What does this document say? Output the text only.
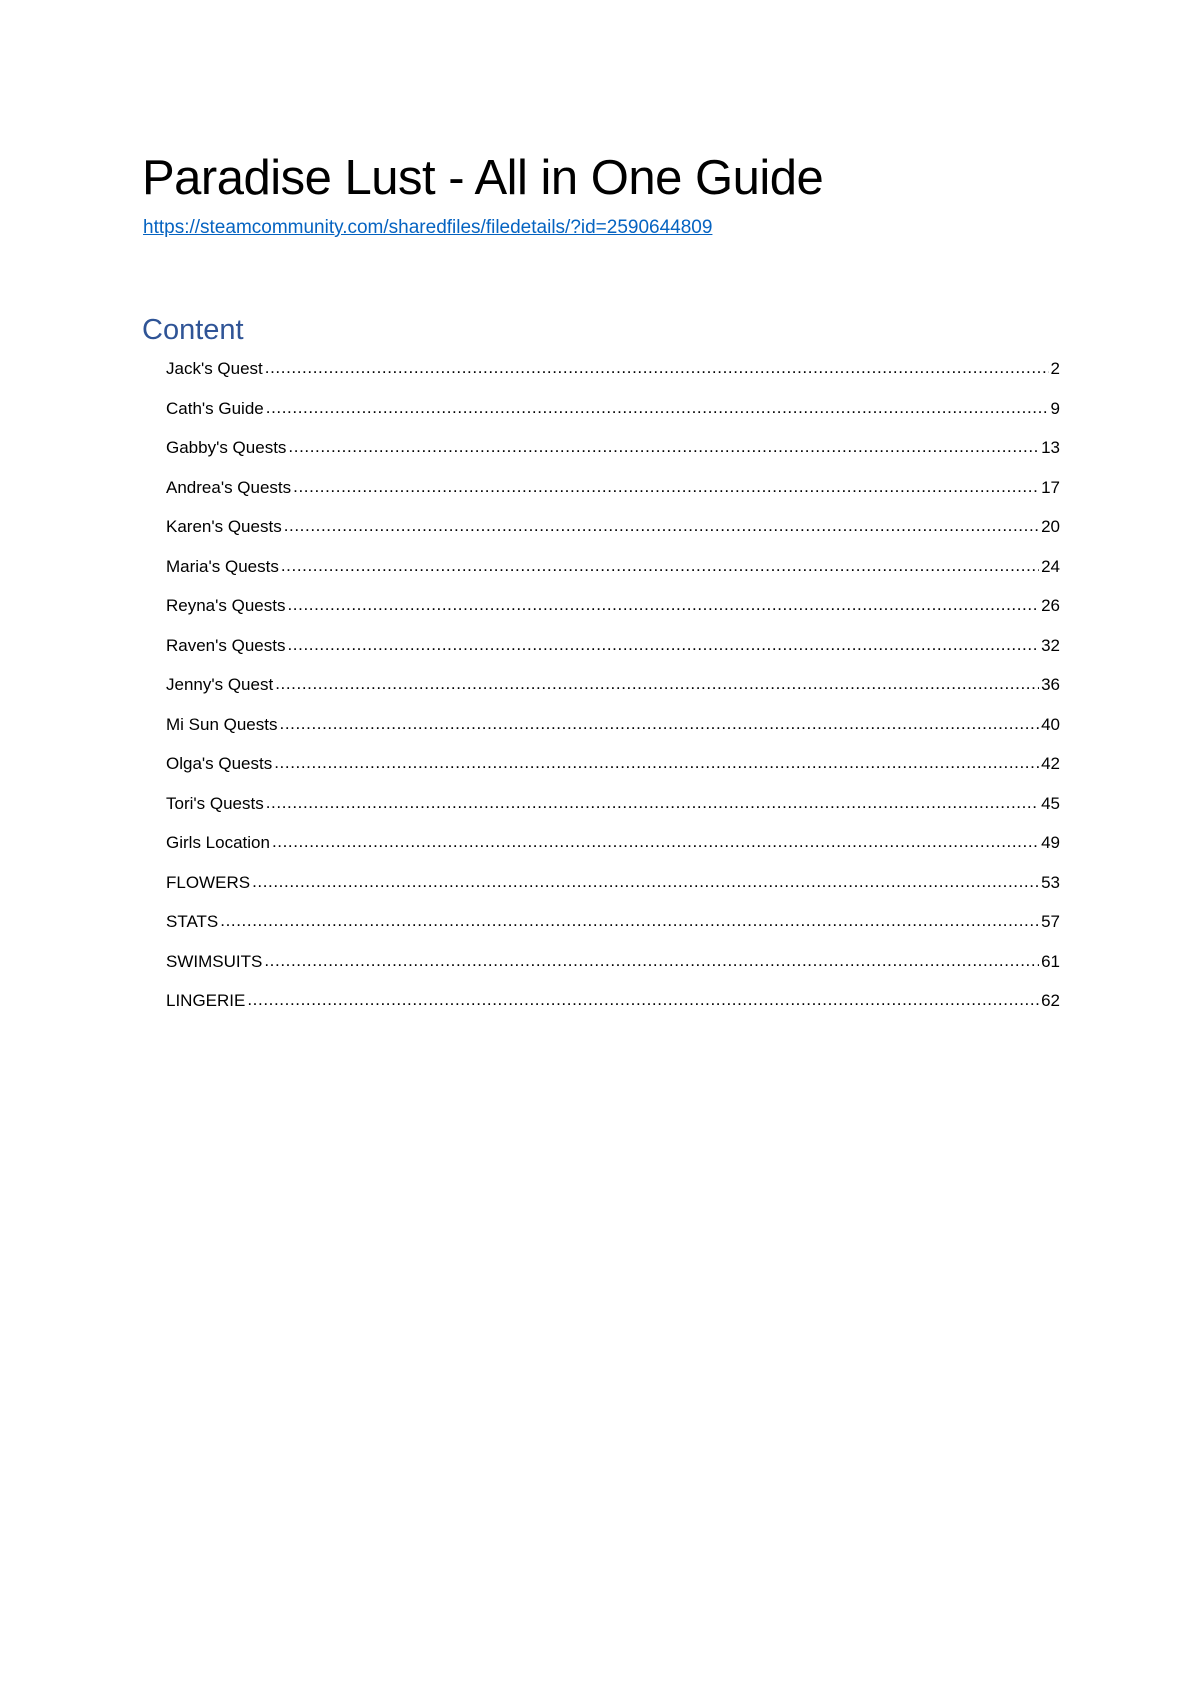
Paradise Lust - All in One Guide
https://steamcommunity.com/sharedfiles/filedetails/?id=2590644809
Content
Jack's Quest .....	2
Cath's Guide .....	9
Gabby's Quests .....	13
Andrea's Quests .....	17
Karen's Quests .....	20
Maria's Quests .....	24
Reyna's Quests .....	26
Raven's Quests .....	32
Jenny's Quest .....	36
Mi Sun Quests .....	40
Olga's Quests .....	42
Tori's Quests .....	45
Girls Location .....	49
FLOWERS .....	53
STATS .....	57
SWIMSUITS .....	61
LINGERIE .....	62
